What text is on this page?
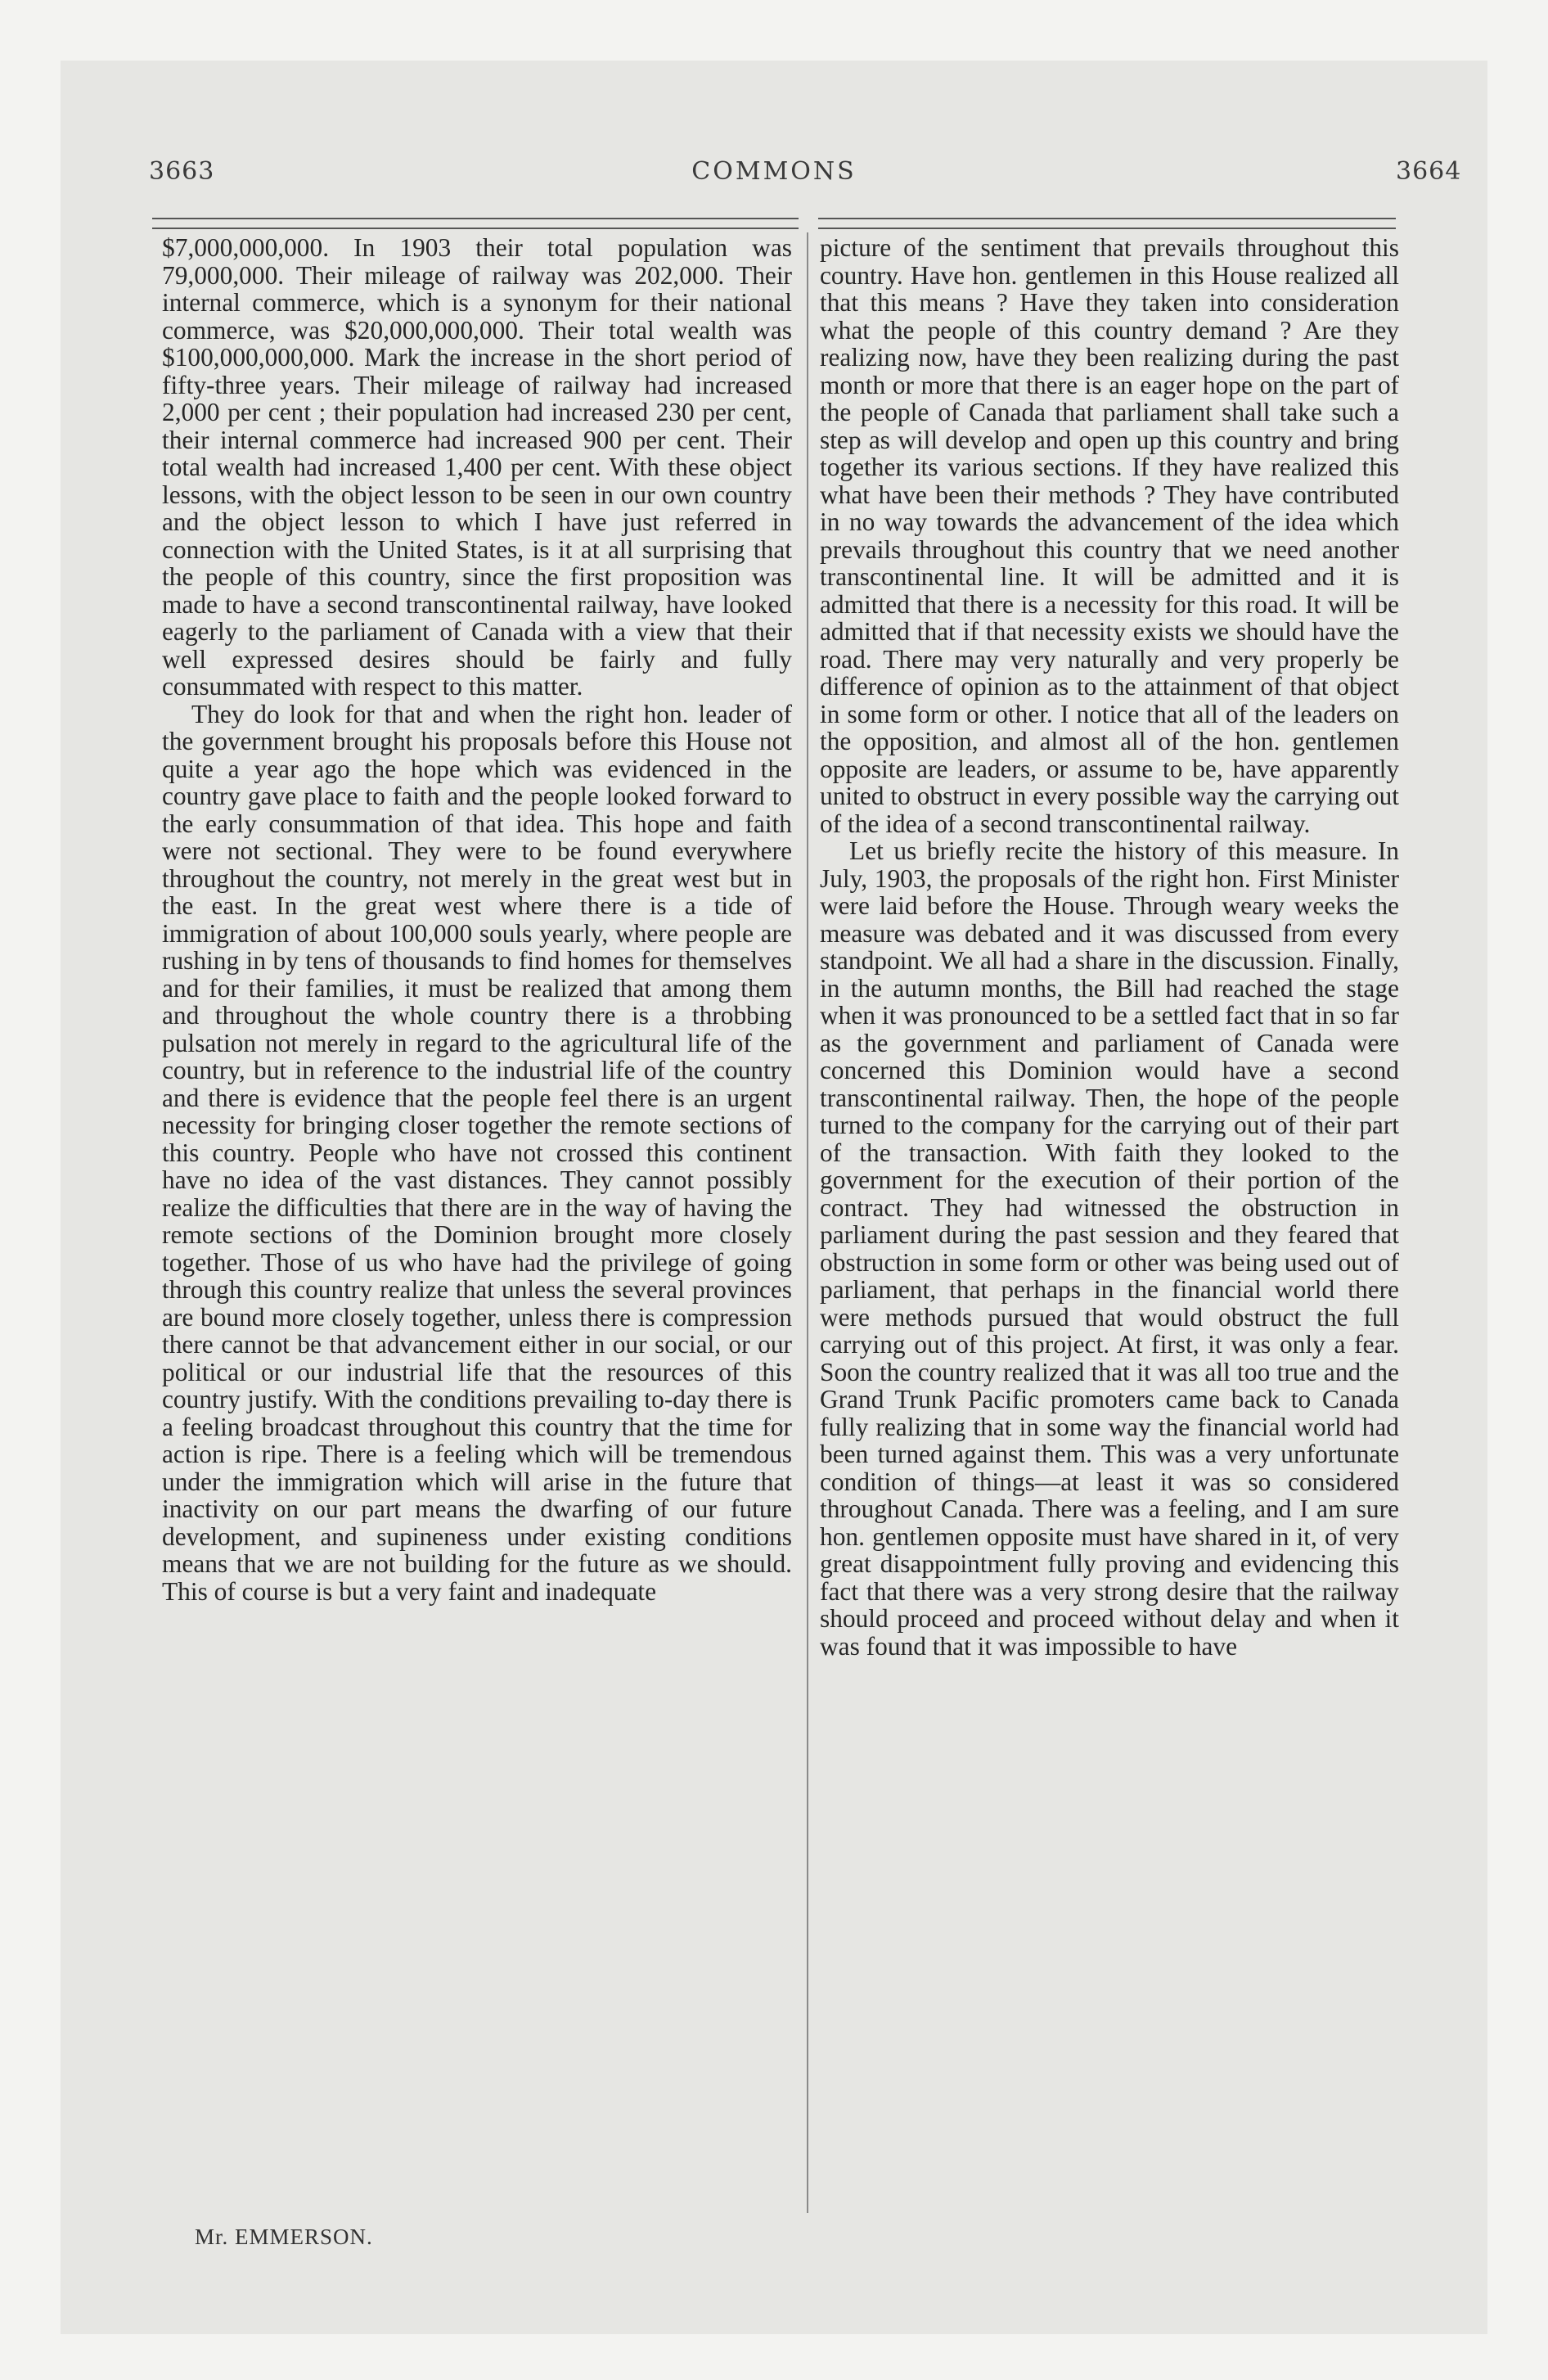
3663	COMMONS	3664

$7,000,000,000. In 1903 their total population was 79,000,000. Their mileage of railway was 202,000. Their internal commerce, which is a synonym for their national commerce, was $20,000,000,000. Their total wealth was $100,000,000,000. Mark the increase in the short period of fifty-three years. Their mileage of railway had increased 2,000 per cent ; their population had increased 230 per cent, their internal commerce had increased 900 per cent. Their total wealth had increased 1,400 per cent. With these object lessons, with the object lesson to be seen in our own country and the object lesson to which I have just referred in connection with the United States, is it at all surprising that the people of this country, since the first proposition was made to have a second transcontinental railway, have looked eagerly to the parliament of Canada with a view that their well expressed desires should be fairly and fully consummated with respect to this matter.

They do look for that and when the right hon. leader of the government brought his proposals before this House not quite a year ago the hope which was evidenced in the country gave place to faith and the people looked forward to the early consummation of that idea. This hope and faith were not sectional. They were to be found everywhere throughout the country, not merely in the great west but in the east. In the great west where there is a tide of immigration of about 100,000 souls yearly, where people are rushing in by tens of thousands to find homes for themselves and for their families, it must be realized that among them and throughout the whole country there is a throbbing pulsation not merely in regard to the agricultural life of the country, but in reference to the industrial life of the country and there is evidence that the people feel there is an urgent necessity for bringing closer together the remote sections of this country. People who have not crossed this continent have no idea of the vast distances. They cannot possibly realize the difficulties that there are in the way of having the remote sections of the Dominion brought more closely together. Those of us who have had the privilege of going through this country realize that unless the several provinces are bound more closely together, unless there is compression there cannot be that advancement either in our social, or our political or our industrial life that the resources of this country justify. With the conditions prevailing to-day there is a feeling broadcast throughout this country that the time for action is ripe. There is a feeling which will be tremendous under the immigration which will arise in the future that inactivity on our part means the dwarfing of our future development, and supineness under existing conditions means that we are not building for the future as we should. This of course is but a very faint and inadequate

picture of the sentiment that prevails throughout this country. Have hon. gentlemen in this House realized all that this means ? Have they taken into consideration what the people of this country demand ? Are they realizing now, have they been realizing during the past month or more that there is an eager hope on the part of the people of Canada that parliament shall take such a step as will develop and open up this country and bring together its various sections. If they have realized this what have been their methods ? They have contributed in no way towards the advancement of the idea which prevails throughout this country that we need another transcontinental line. It will be admitted and it is admitted that there is a necessity for this road. It will be admitted that if that necessity exists we should have the road. There may very naturally and very properly be difference of opinion as to the attainment of that object in some form or other. I notice that all of the leaders on the opposition, and almost all of the hon. gentlemen opposite are leaders, or assume to be, have apparently united to obstruct in every possible way the carrying out of the idea of a second transcontinental railway.

Let us briefly recite the history of this measure. In July, 1903, the proposals of the right hon. First Minister were laid before the House. Through weary weeks the measure was debated and it was discussed from every standpoint. We all had a share in the discussion. Finally, in the autumn months, the Bill had reached the stage when it was pronounced to be a settled fact that in so far as the government and parliament of Canada were concerned this Dominion would have a second transcontinental railway. Then, the hope of the people turned to the company for the carrying out of their part of the transaction. With faith they looked to the government for the execution of their portion of the contract. They had witnessed the obstruction in parliament during the past session and they feared that obstruction in some form or other was being used out of parliament, that perhaps in the financial world there were methods pursued that would obstruct the full carrying out of this project. At first, it was only a fear. Soon the country realized that it was all too true and the Grand Trunk Pacific promoters came back to Canada fully realizing that in some way the financial world had been turned against them. This was a very unfortunate condition of things—at least it was so considered throughout Canada. There was a feeling, and I am sure hon. gentlemen opposite must have shared in it, of very great disappointment fully proving and evidencing this fact that there was a very strong desire that the railway should proceed and proceed without delay and when it was found that it was impossible to have

Mr. EMMERSON.
